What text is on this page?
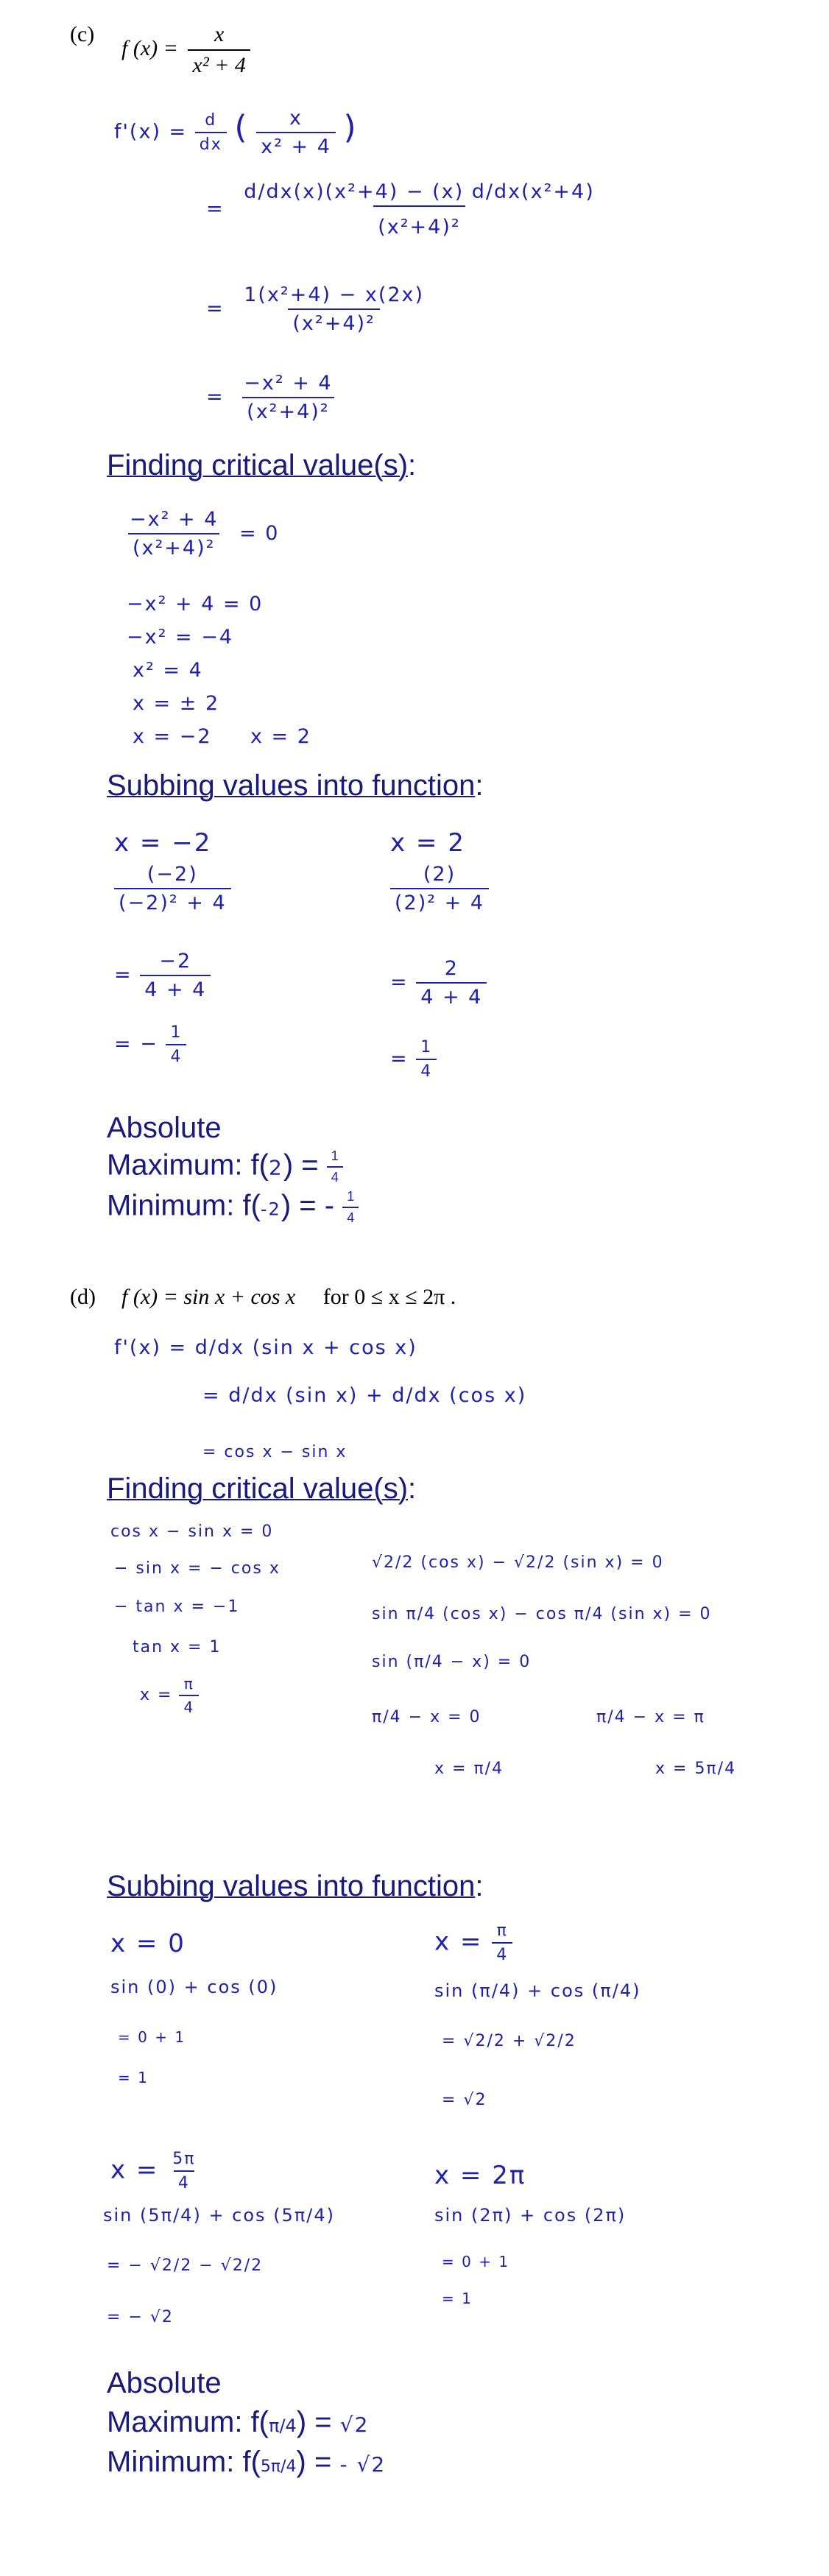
(c)
f $(x) = \frac{x}{\text{x² + 4}}$
$f'(x) = \frac{d}{dx}$ ( $\frac{x}{\text{x² + 4}}$ )
= $\frac{\text{d/dx(x)(x²+4) − (x) d/dx(x²+4)}}{\text{(x²+4)²}}$
= $\frac{\text{1(x²+4) − x(2x)}}{\text{(x²+4)²}}$
= $\frac{\text{−x² + 4}}{\text{(x²+4)²}}$
Finding critical value(s):
$\frac{\text{−x² + 4}}{\text{(x²+4)²}} = 0$
−x² + 4 = 0
−x² = −4
x² = 4
x = ± 2
x = −2 x = 2
Subbing values into function:
x = −2
$\frac{(-2)}{\text{(−2)² + 4}}$
= $\frac{-2}{4 + 4}$
= − $\frac{1}{4}$
x = 2
$\frac{(2)}{\text{(2)² + 4}}$
= $\frac{2}{4 + 4}$
= $\frac{1}{4}$
Absolute
Maximum: $f(2) = \frac{1}{4}$
Minimum: f(-2) = - $\frac{1}{4}$
(d) f (x) = sin x + cos x for 0 ≤ x ≤ 2π .
f'(x) = d/dx (sin x + cos x)
= d/dx (sin x) + d/dx (cos x)
= cos x − sin x
Finding critical value(s):
cos x − sin x = 0
− sin x = − cos x
− tan x = −1
tan x = 1
$x = \frac{\pi}{4}$
√2/2 (cos x) − √2/2 (sin x) = 0
sin π/4 (cos x) − cos π/4 (sin x) = 0
sin (π/4 − x) = 0
π/4 − x = 0	π/4 − x = π
x = π/4	x = 5π/4
Subbing values into function:
x = 0
sin (0) + cos (0)
= 0 + 1
= 1
$x = \frac{\pi}{4}$
sin (π/4) + cos (π/4)
= √2/2 + √2/2
= √2
$x = \frac{5\pi}{4}$
sin (5π/4) + cos (5π/4)
= − √2/2 − √2/2
= − √2
x = 2π
sin (2π) + cos (2π)
= 0 + 1
= 1
Absolute
Maximum: f(π/4) = √2
Minimum: f(5π/4) = - √2
